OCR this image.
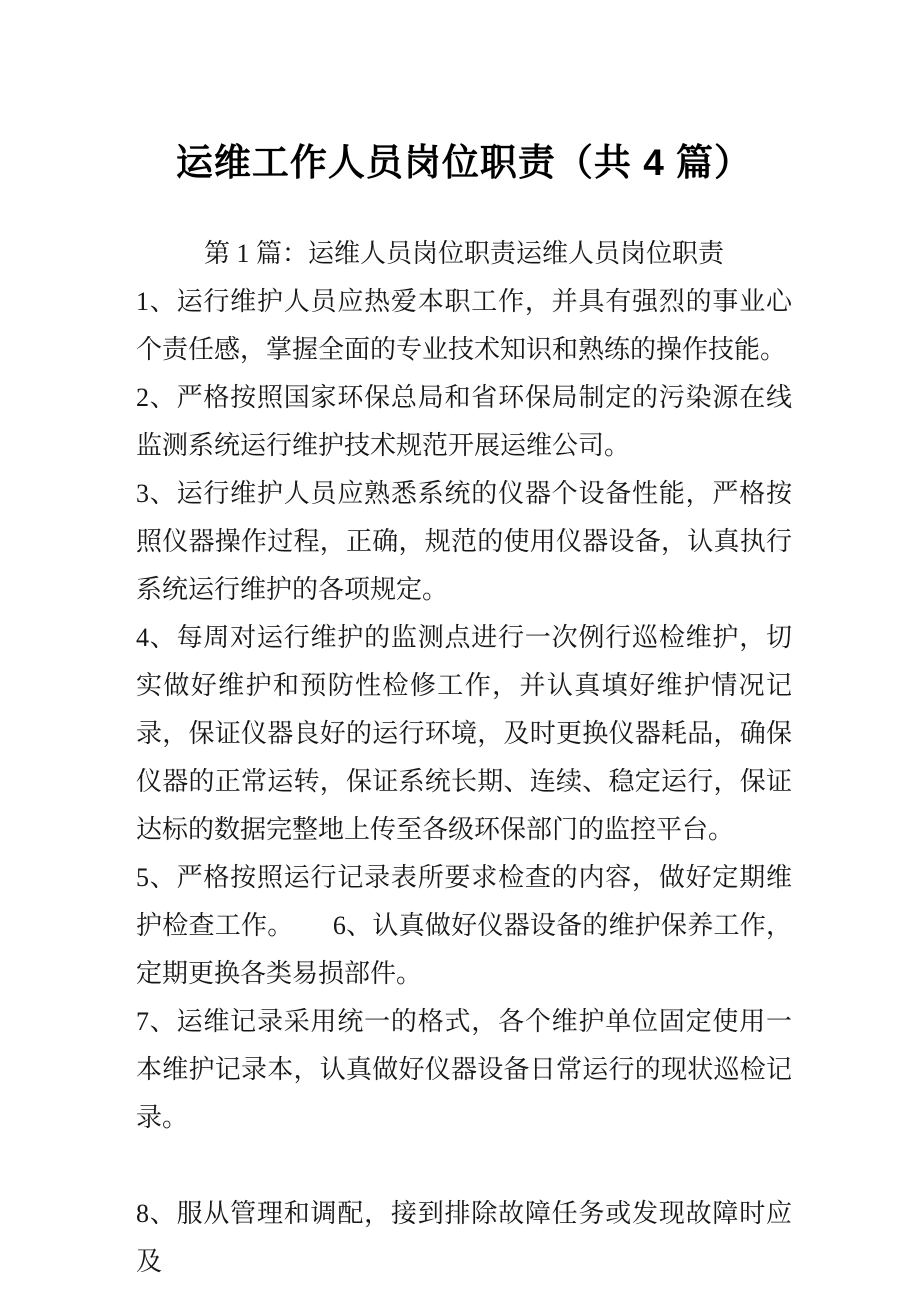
运维工作人员岗位职责（共 4 篇）

第 1 篇：运维人员岗位职责运维人员岗位职责

1、运行维护人员应热爱本职工作，并具有强烈的事业心个责任感，掌握全面的专业技术知识和熟练的操作技能。

2、严格按照国家环保总局和省环保局制定的污染源在线监测系统运行维护技术规范开展运维公司。

3、运行维护人员应熟悉系统的仪器个设备性能，严格按照仪器操作过程，正确，规范的使用仪器设备，认真执行系统运行维护的各项规定。

4、每周对运行维护的监测点进行一次例行巡检维护，切实做好维护和预防性检修工作，并认真填好维护情况记录，保证仪器良好的运行环境，及时更换仪器耗品，确保仪器的正常运转，保证系统长期、连续、稳定运行，保证达标的数据完整地上传至各级环保部门的监控平台。

5、严格按照运行记录表所要求检查的内容，做好定期维护检查工作。　　6、认真做好仪器设备的维护保养工作，定期更换各类易损部件。

7、运维记录采用统一的格式，各个维护单位固定使用一本维护记录本，认真做好仪器设备日常运行的现状巡检记录。

8、服从管理和调配，接到排除故障任务或发现故障时应及
